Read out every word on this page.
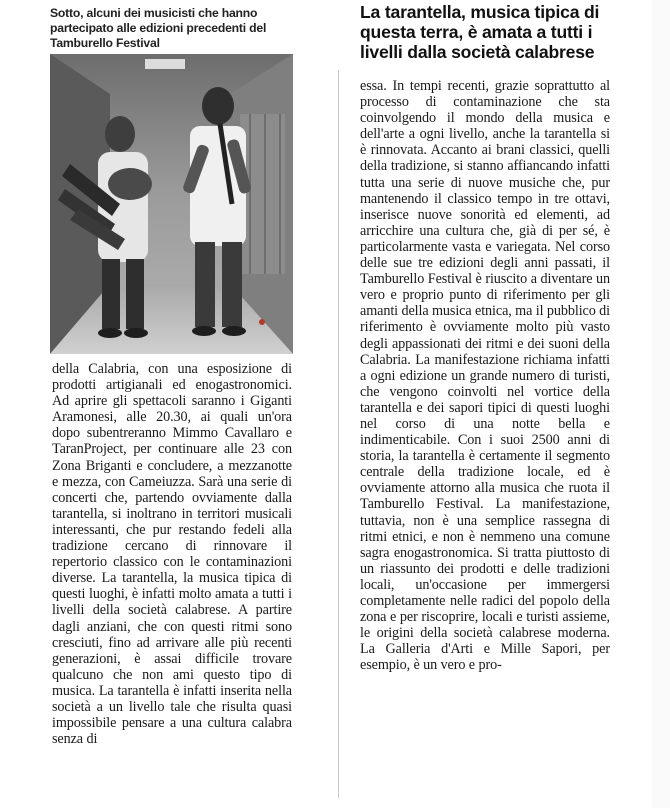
Sotto, alcuni dei musicisti che hanno partecipato alle edizioni precedenti del Tamburello Festival

della Calabria, con una esposizione di prodotti artigianali ed enogastronomici. Ad aprire gli spettacoli saranno i Giganti Aramonesi, alle 20.30, ai quali un'ora dopo subentreranno Mimmo Cavallaro e TaranProject, per continuare alle 23 con Zona Briganti e concludere, a mezzanotte e mezza, con Cameiuzza. Sarà una serie di concerti che, partendo ovviamente dalla tarantella, si inoltrano in territori musicali interessanti, che pur restando fedeli alla tradizione cercano di rinnovare il repertorio classico con le contaminazioni diverse. La tarantella, la musica tipica di questi luoghi, è infatti molto amata a tutti i livelli della società calabrese. A partire dagli anziani, che con questi ritmi sono cresciuti, fino ad arrivare alle più recenti generazioni, è assai difficile trovare qualcuno che non ami questo tipo di musica. La tarantella è infatti inserita nella società a un livello tale che risulta quasi impossibile pensare a una cultura calabra senza di

La tarantella, musica tipica di questa terra, è amata a tutti i livelli dalla società calabrese

essa. In tempi recenti, grazie soprattutto al processo di contaminazione che sta coinvolgendo il mondo della musica e dell'arte a ogni livello, anche la tarantella si è rinnovata. Accanto ai brani classici, quelli della tradizione, si stanno affiancando infatti tutta una serie di nuove musiche che, pur mantenendo il classico tempo in tre ottavi, inserisce nuove sonorità ed elementi, ad arricchire una cultura che, già di per sé, è particolarmente vasta e variegata. Nel corso delle sue tre edizioni degli anni passati, il Tamburello Festival è riuscito a diventare un vero e proprio punto di riferimento per gli amanti della musica etnica, ma il pubblico di riferimento è ovviamente molto più vasto degli appassionati dei ritmi e dei suoni della Calabria. La manifestazione richiama infatti a ogni edizione un grande numero di turisti, che vengono coinvolti nel vortice della tarantella e dei sapori tipici di questi luoghi nel corso di una notte bella e indimenticabile. Con i suoi 2500 anni di storia, la tarantella è certamente il segmento centrale della tradizione locale, ed è ovviamente attorno alla musica che ruota il Tamburello Festival. La manifestazione, tuttavia, non è una semplice rassegna di ritmi etnici, e non è nemmeno una comune sagra enogastronomica. Si tratta piuttosto di un riassunto dei prodotti e delle tradizioni locali, un'occasione per immergersi completamente nelle radici del popolo della zona e per riscoprire, locali e turisti assieme, le origini della società calabrese moderna. La Galleria d'Arti e Mille Sapori, per esempio, è un vero e pro-
